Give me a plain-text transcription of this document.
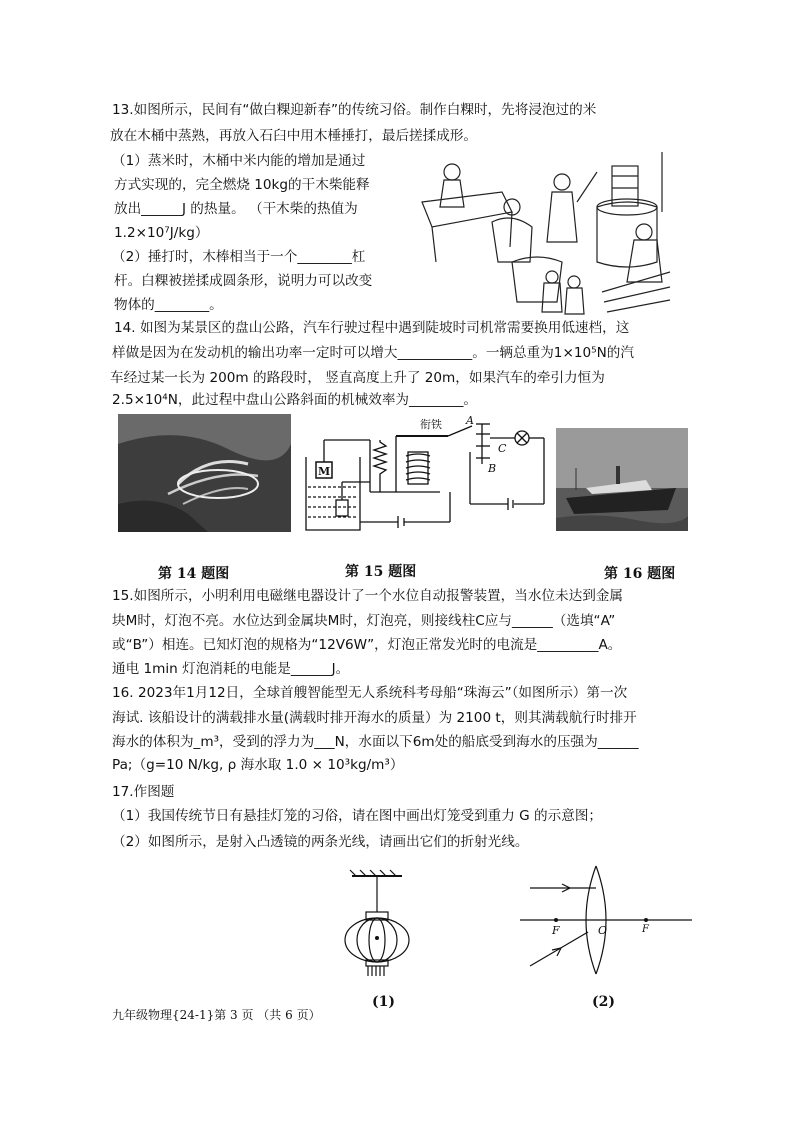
13.如图所示，民间有“做白粿迎新春”的传统习俗。制作白粿时，先将浸泡过的米
放在木桶中蒸熟，再放入石臼中用木棰捶打，最后搓揉成形。
（1）蒸米时，木桶中米内能的增加是通过
方式实现的，完全燃烧 10kg的干木柴能释
放出______J 的热量。 （干木柴的热值为
1.2×10⁷J/kg）
（2）捶打时，木棒相当于一个________杠
杆。白粿被搓揉成圆条形，说明力可以改变
物体的________。
14. 如图为某景区的盘山公路，汽车行驶过程中遇到陡坡时司机常需要换用低速档，这
样做是因为在发动机的输出功率一定时可以增大___________。一辆总重为1×10⁵N的汽
车经过某一长为 200m 的路段时， 竖直高度上升了 20m，如果汽车的牵引力恒为
2.5×10⁴N，此过程中盘山公路斜面的机械效率为________。
M
衔铁 A
C
B
第 14 题图	第 15 题图	第 16 题图
15.如图所示，小明利用电磁继电器设计了一个水位自动报警装置，当水位未达到金属
块M时，灯泡不亮。水位达到金属块M时，灯泡亮，则接线柱C应与______（选填“A”
或“B”）相连。已知灯泡的规格为“12V6W”，灯泡正常发光时的电流是_________A。
通电 1min 灯泡消耗的电能是______J。
16. 2023年1月12日，全球首艘智能型无人系统科考母船“珠海云”（如图所示）第一次
海试. 该船设计的满载排水量(满载时排开海水的质量）为 2100 t，则其满载航行时排开
海水的体积为_m³，受到的浮力为___N，水面以下6m处的船底受到海水的压强为______
Pa;（g=10 N/kg, ρ 海水取 1.0 × 10³kg/m³）
17.作图题
（1）我国传统节日有悬挂灯笼的习俗，请在图中画出灯笼受到重力 G 的示意图；
（2）如图所示，是射入凸透镜的两条光线，请画出它们的折射光线。
F	O	F
(1)	(2)
九年级物理{24-1}第 3 页 （共 6 页）
